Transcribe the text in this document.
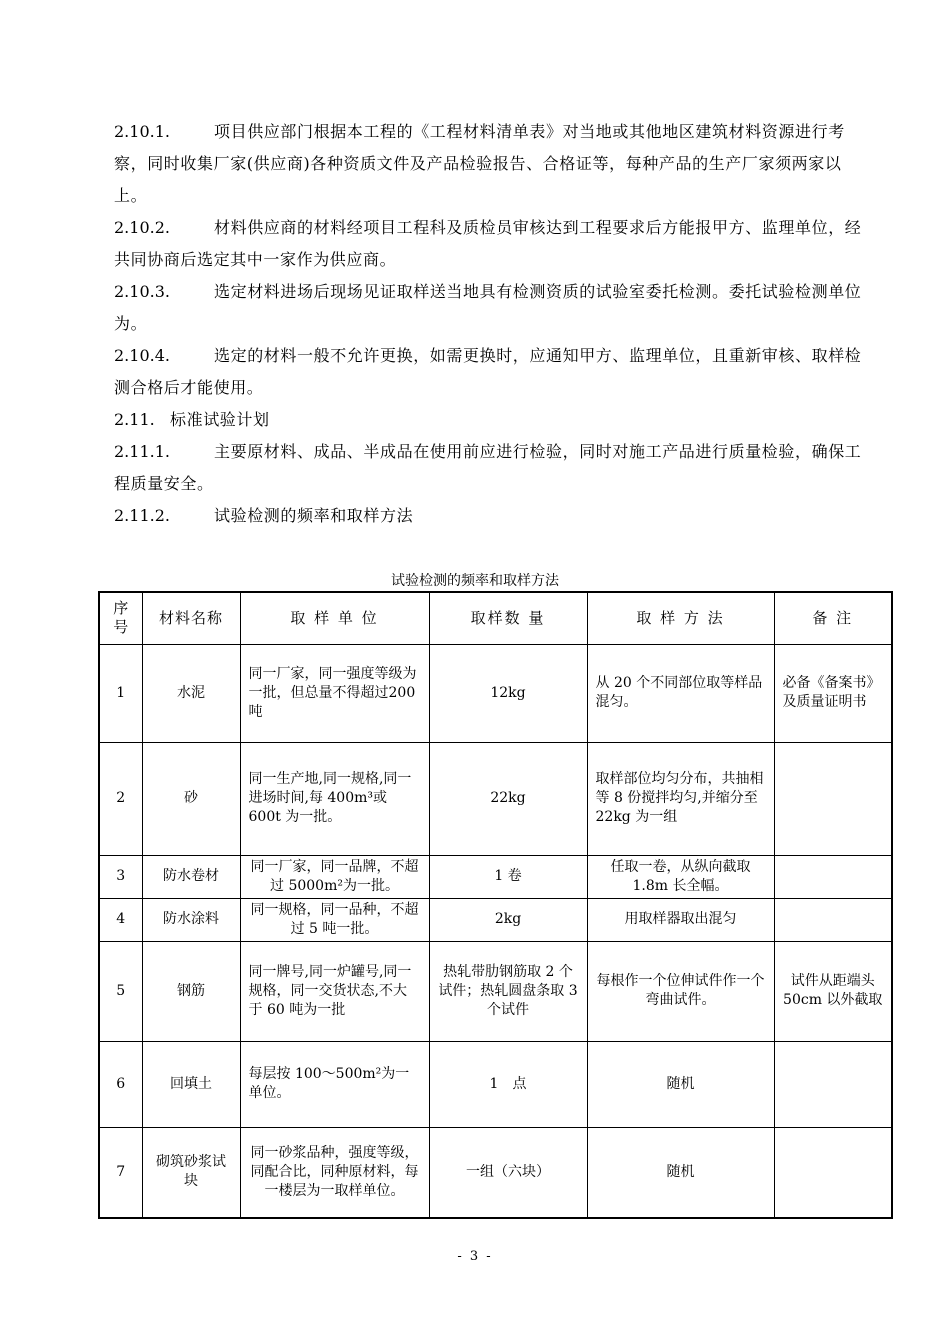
2.10.1.	项目供应部门根据本工程的《工程材料清单表》对当地或其他地区建筑材料资源进行考察，同时收集厂家(供应商)各种资质文件及产品检验报告、合格证等，每种产品的生产厂家须两家以上。
2.10.2.	材料供应商的材料经项目工程科及质检员审核达到工程要求后方能报甲方、监理单位，经共同协商后选定其中一家作为供应商。
2.10.3.	选定材料进场后现场见证取样送当地具有检测资质的试验室委托检测。委托试验检测单位为。
2.10.4.	选定的材料一般不允许更换，如需更换时，应通知甲方、监理单位，且重新审核、取样检测合格后才能使用。
2.11. 标准试验计划
2.11.1.	主要原材料、成品、半成品在使用前应进行检验，同时对施工产品进行质量检验，确保工程质量安全。
2.11.2.	试验检测的频率和取样方法
试验检测的频率和取样方法
序号	材料名称	取 样 单 位	取样数 量	取 样 方 法	备 注
1	水泥	同一厂家，同一强度等级为一批，但总量不得超过200吨	12kg	从 20 个不同部位取等样品混匀。	必备《备案书》及质量证明书
2	砂	同一生产地,同一规格,同一进场时间,每 400m³或 600t 为一批。	22kg	取样部位均匀分布，共抽相等 8 份搅拌均匀,并缩分至 22kg 为一组	
3	防水卷材	同一厂家，同一品牌，不超过 5000m²为一批。	1 卷	任取一卷，从纵向截取1.8m 长全幅。	
4	防水涂料	同一规格，同一品种，不超过 5 吨一批。	2kg	用取样器取出混匀	
5	钢筋	同一牌号,同一炉罐号,同一规格，同一交货状态,不大于 60 吨为一批	热轧带肋钢筋取 2 个试件；热轧圆盘条取 3 个试件	每根作一个位伸试件作一个弯曲试件。	试件从距端头 50cm 以外截取
6	回填土	每层按 100～500m²为一单位。	1　点	随机	
7	砌筑砂浆试块	同一砂浆品种，强度等级，同配合比，同种原材料，每一楼层为一取样单位。	一组（六块）	随机	
- 3 -
